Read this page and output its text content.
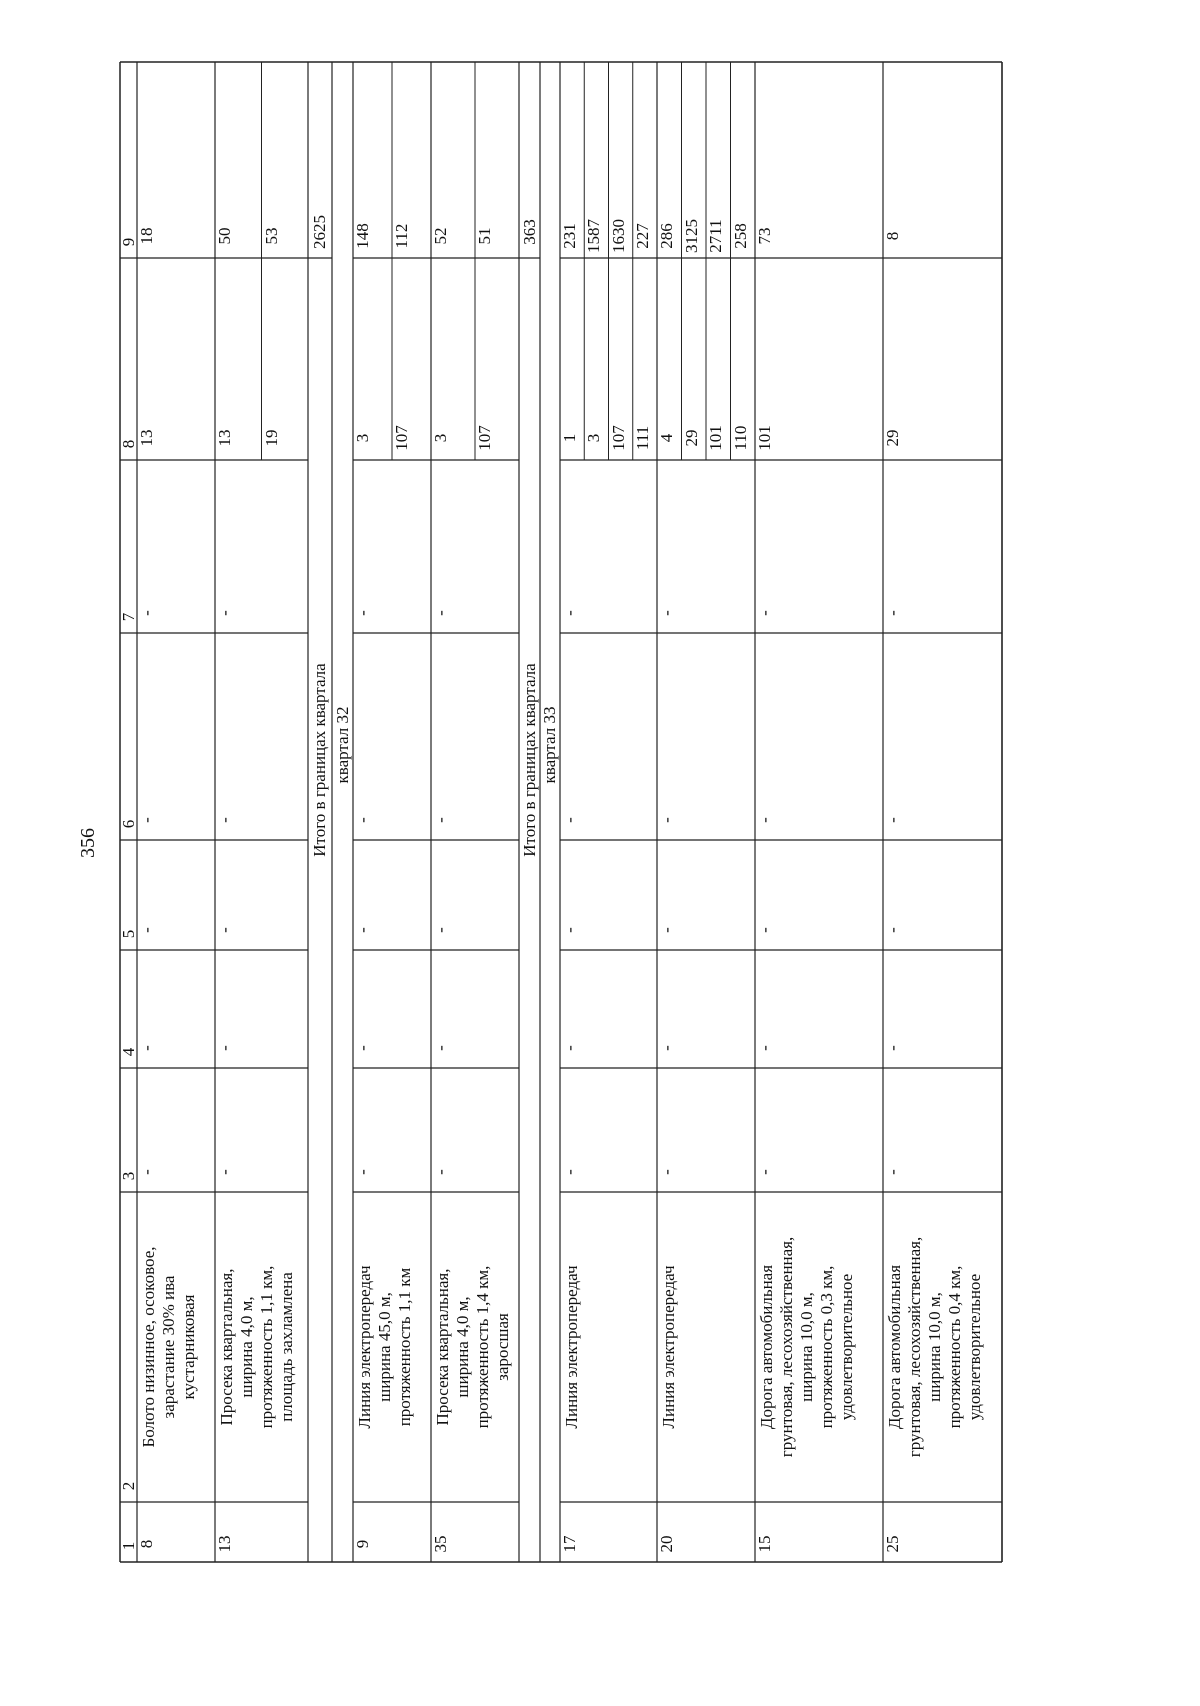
356
1
2
3
4
5
6
7
8
9
8
Болото низинное, осоковое,
зарастание 30% ива
кустарниковая
-
-
-
-
-
13
18
13
Просека квартальная,
ширина 4,0 м,
протяженность 1,1 км,
площадь захламлена
-
-
-
-
-
13 19
50 53
Итого в границах квартала
2625
квартал 32
9
Линия электропередач
ширина 45,0 м,
протяженность 1,1 км
-
-
-
-
-
3 107
148 112
35
Просека квартальная,
ширина 4,0 м,
протяженность 1,4 км,
заросшая
-
-
-
-
-
3 107
52 51
Итого в границах квартала
363
квартал 33
17
Линия электропередач
-
-
-
-
-
1 3 107 111
231 1587 1630 227
20
Линия электропередач
-
-
-
-
-
4 29 101 110
286 3125 2711 258
15
Дорога автомобильная
грунтовая, лесохозяйственная,
ширина 10,0 м,
протяженность 0,3 км,
удовлетворительное
-
-
-
-
-
101
73
25
Дорога автомобильная
грунтовая, лесохозяйственная,
ширина 10,0 м,
протяженность 0,4 км,
удовлетворительное
-
-
-
-
-
29
8
